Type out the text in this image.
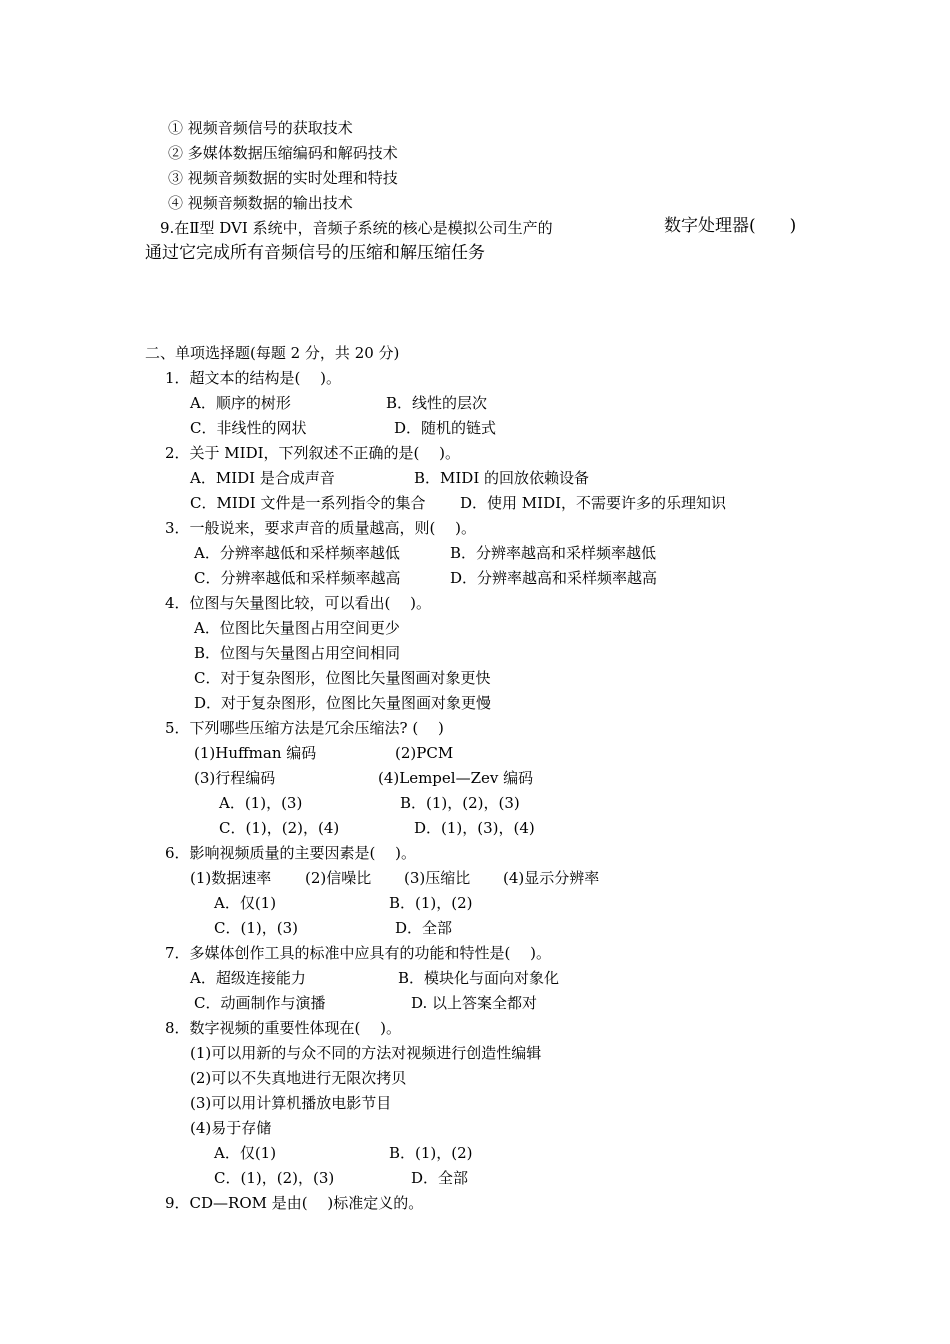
① 视频音频信号的获取技术
② 多媒体数据压缩编码和解码技术
③ 视频音频数据的实时处理和特技
④ 视频音频数据的输出技术
9.在Ⅱ型 DVI 系统中，音频子系统的核心是模拟公司生产的	数字处理器(　　)
通过它完成所有音频信号的压缩和解压缩任务
二、单项选择题(每题 2 分，共 20 分)
1．超文本的结构是(　 )。
A．顺序的树形	B．线性的层次
C．非线性的网状	D．随机的链式
2．关于 MIDI，下列叙述不正确的是(　 )。
A．MIDI 是合成声音	B．MIDI 的回放依赖设备
C．MIDI 文件是一系列指令的集合 D．使用 MIDI，不需要许多的乐理知识
3．一般说来，要求声音的质量越高，则(　 )。
A．分辨率越低和采样频率越低	B．分辨率越高和采样频率越低
C．分辨率越低和采样频率越高	D．分辨率越高和采样频率越高
4．位图与矢量图比较，可以看出(　 )。
A．位图比矢量图占用空间更少
B．位图与矢量图占用空间相同
C．对于复杂图形，位图比矢量图画对象更快
D．对于复杂图形，位图比矢量图画对象更慢
5．下列哪些压缩方法是冗余压缩法? (　 )
(1)Huffman 编码	(2)PCM
(3)行程编码	(4)Lempel—Zev 编码
A．(1)，(3)	B．(1)，(2)，(3)
C．(1)，(2)，(4)	D．(1)，(3)，(4)
6．影响视频质量的主要因素是(　 )。
(1)数据速率 (2)信噪比 (3)压缩比 (4)显示分辨率
A．仅(1)	B．(1)，(2)
C．(1)，(3)	D．全部
7．多媒体创作工具的标准中应具有的功能和特性是(　 )。
A．超级连接能力	B．模块化与面向对象化
C．动画制作与演播	D. 以上答案全都对
8．数字视频的重要性体现在(　 )。
(1)可以用新的与众不同的方法对视频进行创造性编辑
(2)可以不失真地进行无限次拷贝
(3)可以用计算机播放电影节目
(4)易于存储
A．仅(1)	B．(1)，(2)
C．(1)，(2)，(3)	D．全部
9．CD—ROM 是由(　 )标准定义的。
